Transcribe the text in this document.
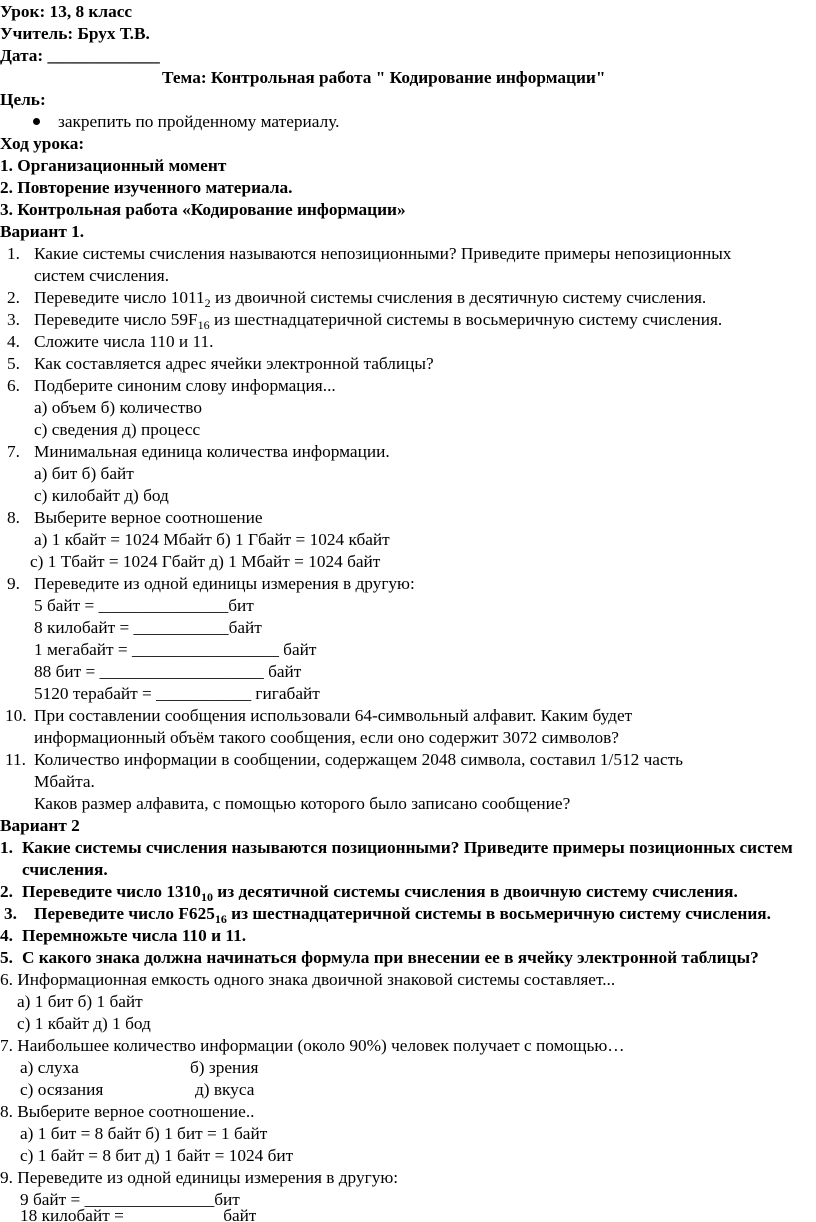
Урок: 13, 8 класс
Учитель: Брух Т.В.
Дата: _____________
Тема: Контрольная работа " Кодирование информации"
Цель:
закрепить по пройденному материалу.
Ход урока:
1. Организационный момент
2. Повторение изученного материала.
3. Контрольная работа «Кодирование информации»
Вариант 1.
1. Какие системы счисления называются непозиционными? Приведите примеры непозиционных
систем счисления.
2. Переведите число $1011_2$ из двоичной системы счисления в десятичную систему счисления.
3. Переведите число $59F_{16}$ из шестнадцатеричной системы в восьмеричную систему счисления.
4. Сложите числа 110 и 11.
5. Как составляется адрес ячейки электронной таблицы?
6. Подберите синоним слову информация...
а) объем б) количество
с) сведения д) процесс
7. Минимальная единица количества информации.
а) бит б) байт
с) килобайт д) бод
8. Выберите верное соотношение
а) 1 кбайт = 1024 Мбайт б) 1 Гбайт = 1024 кбайт
с) 1 Тбайт = 1024 Гбайт д) 1 Мбайт = 1024 байт
9. Переведите из одной единицы измерения в другую:
5 байт = _______________бит
8 килобайт = ___________байт
1 мегабайт = _________________ байт
88 бит = ___________________ байт
5120 терабайт = ___________ гигабайт
10. При составлении сообщения использовали 64-символьный алфавит. Каким будет
информационный объём такого сообщения, если оно содержит 3072 символов?
11. Количество информации в сообщении, содержащем 2048 символа, составил 1/512 часть
Мбайта.
Каков размер алфавита, с помощью которого было записано сообщение?
Вариант 2
1. Какие системы счисления называются позиционными? Приведите примеры позиционных систем
счисления.
2. Переведите число $1310_{10}$ из десятичной системы счисления в двоичную систему счисления.
3. Переведите число $F625_{16}$ из шестнадцатеричной системы в восьмеричную систему счисления.
4. Перемножьте числа 110 и 11.
5. С какого знака должна начинаться формула при внесении ее в ячейку электронной таблицы?
6. Информационная емкость одного знака двоичной знаковой системы составляет...
а) 1 бит б) 1 байт
с) 1 кбайт д) 1 бод
7. Наибольшее количество информации (около 90%) человек получает с помощью…
а) слуха	б) зрения
с) осязания	д) вкуса
8. Выберите верное соотношение..
а) 1 бит = 8 байт б) 1 бит = 1 байт
с) 1 байт = 8 бит д) 1 байт = 1024 бит
9. Переведите из одной единицы измерения в другую:
9 байт = _______________бит
18 килобайт = ___________байт
